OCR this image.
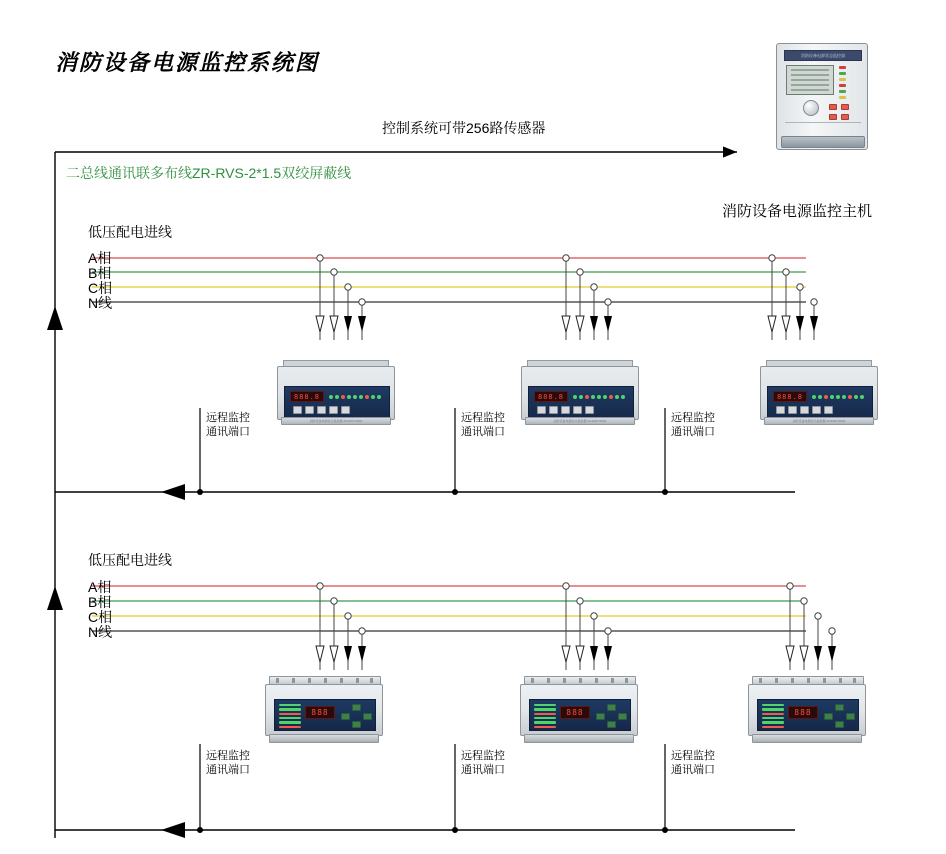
消防设备电源监控系统图
控制系统可带256路传感器
二总线通讯联多布线ZR-RVS-2*1.5双绞屏蔽线
消防设备电源监控主机
消防设备电源状态监控器
低压配电进线
A相
B相
C相
N线
888.8
消防设备电源状态监控器 AC220V 50Hz
888.8
消防设备电源状态监控器 AC220V 50Hz
888.8
消防设备电源状态监控器 AC220V 50Hz
远程监控
通讯端口
远程监控
通讯端口
远程监控
通讯端口
低压配电进线
A相
B相
C相
N线
888	888	888
远程监控
通讯端口
远程监控
通讯端口
远程监控
通讯端口
